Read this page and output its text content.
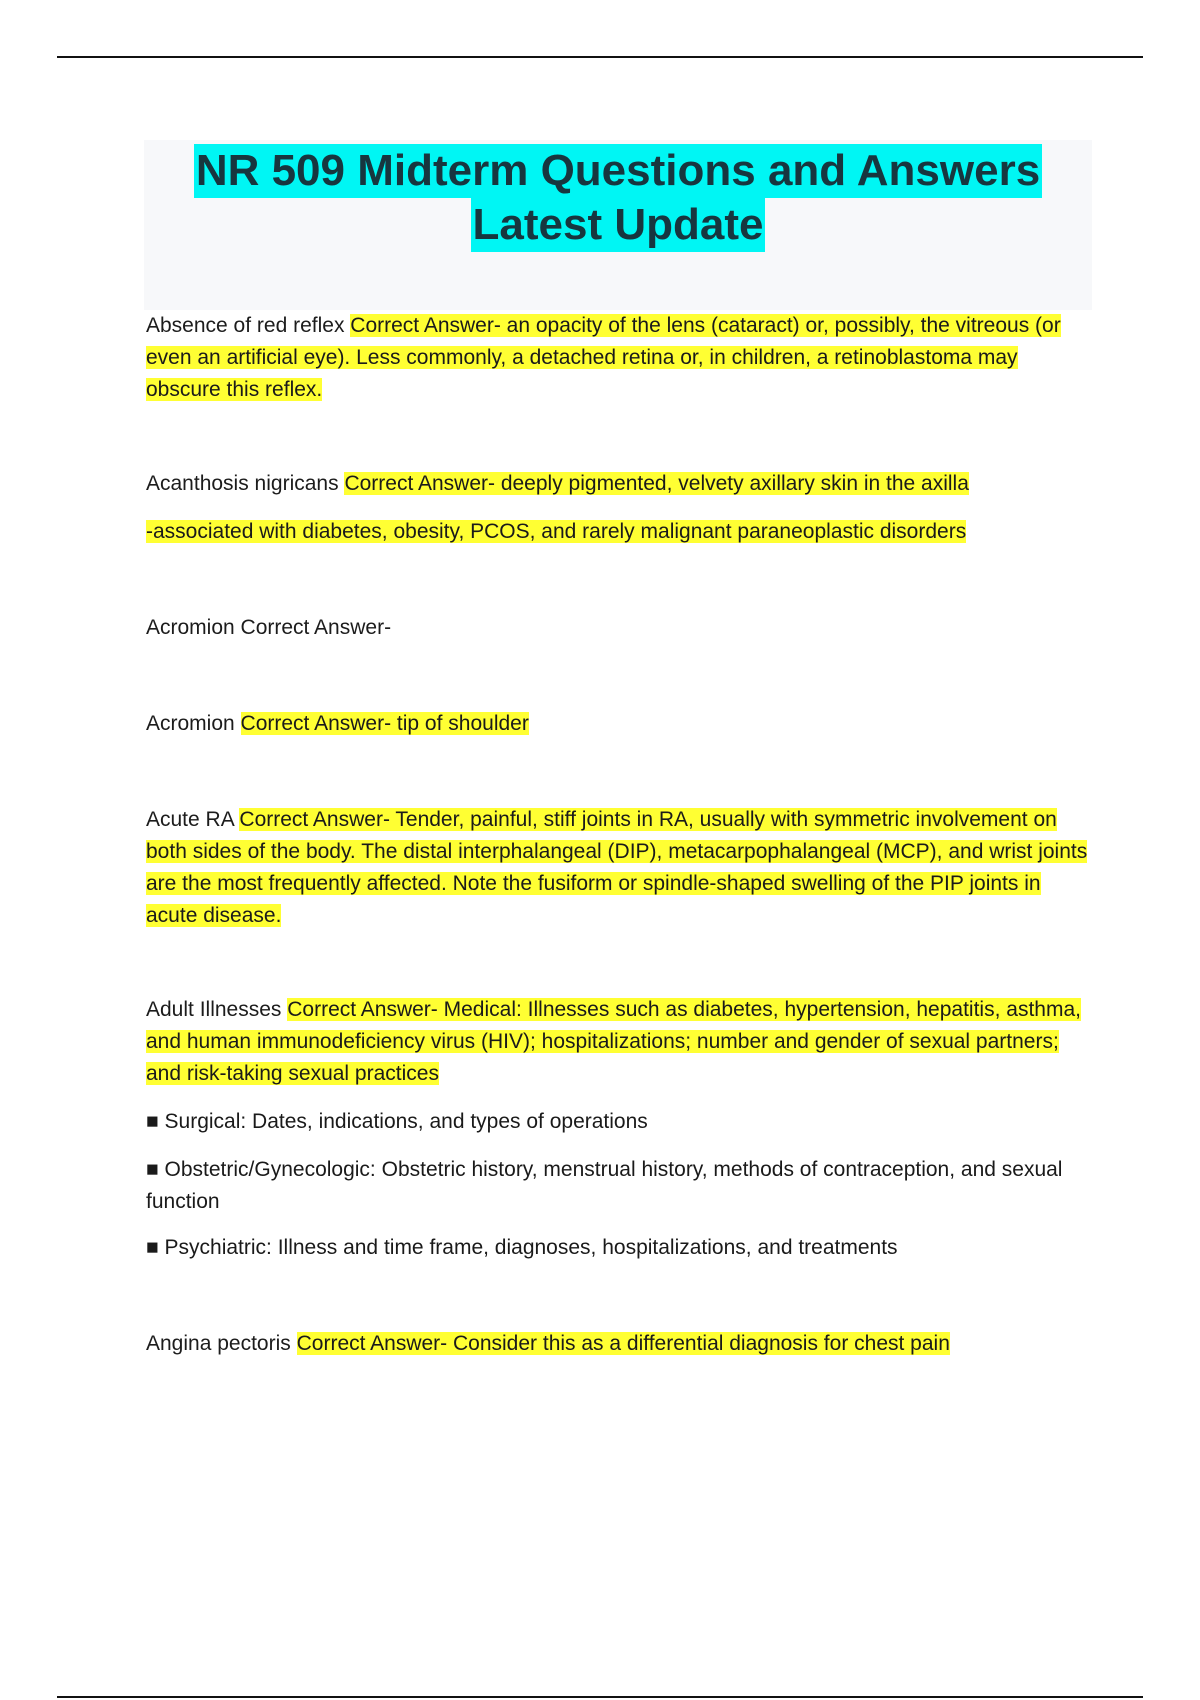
NR 509 Midterm Questions and Answers
Latest Update

Absence of red reflex Correct Answer- an opacity of the lens (cataract) or, possibly, the vitreous (or even an artificial eye). Less commonly, a detached retina or, in children, a retinoblastoma may obscure this reflex.

Acanthosis nigricans Correct Answer- deeply pigmented, velvety axillary skin in the axilla

-associated with diabetes, obesity, PCOS, and rarely malignant paraneoplastic disorders

Acromion Correct Answer-

Acromion Correct Answer- tip of shoulder

Acute RA Correct Answer- Tender, painful, stiff joints in RA, usually with symmetric involvement on both sides of the body. The distal interphalangeal (DIP), metacarpophalangeal (MCP), and wrist joints are the most frequently affected. Note the fusiform or spindle-shaped swelling of the PIP joints in acute disease.

Adult Illnesses Correct Answer- Medical: Illnesses such as diabetes, hypertension, hepatitis, asthma, and human immunodeficiency virus (HIV); hospitalizations; number and gender of sexual partners; and risk-taking sexual practices

■ Surgical: Dates, indications, and types of operations

■ Obstetric/Gynecologic: Obstetric history, menstrual history, methods of contraception, and sexual function

■ Psychiatric: Illness and time frame, diagnoses, hospitalizations, and treatments

Angina pectoris Correct Answer- Consider this as a differential diagnosis for chest pain
